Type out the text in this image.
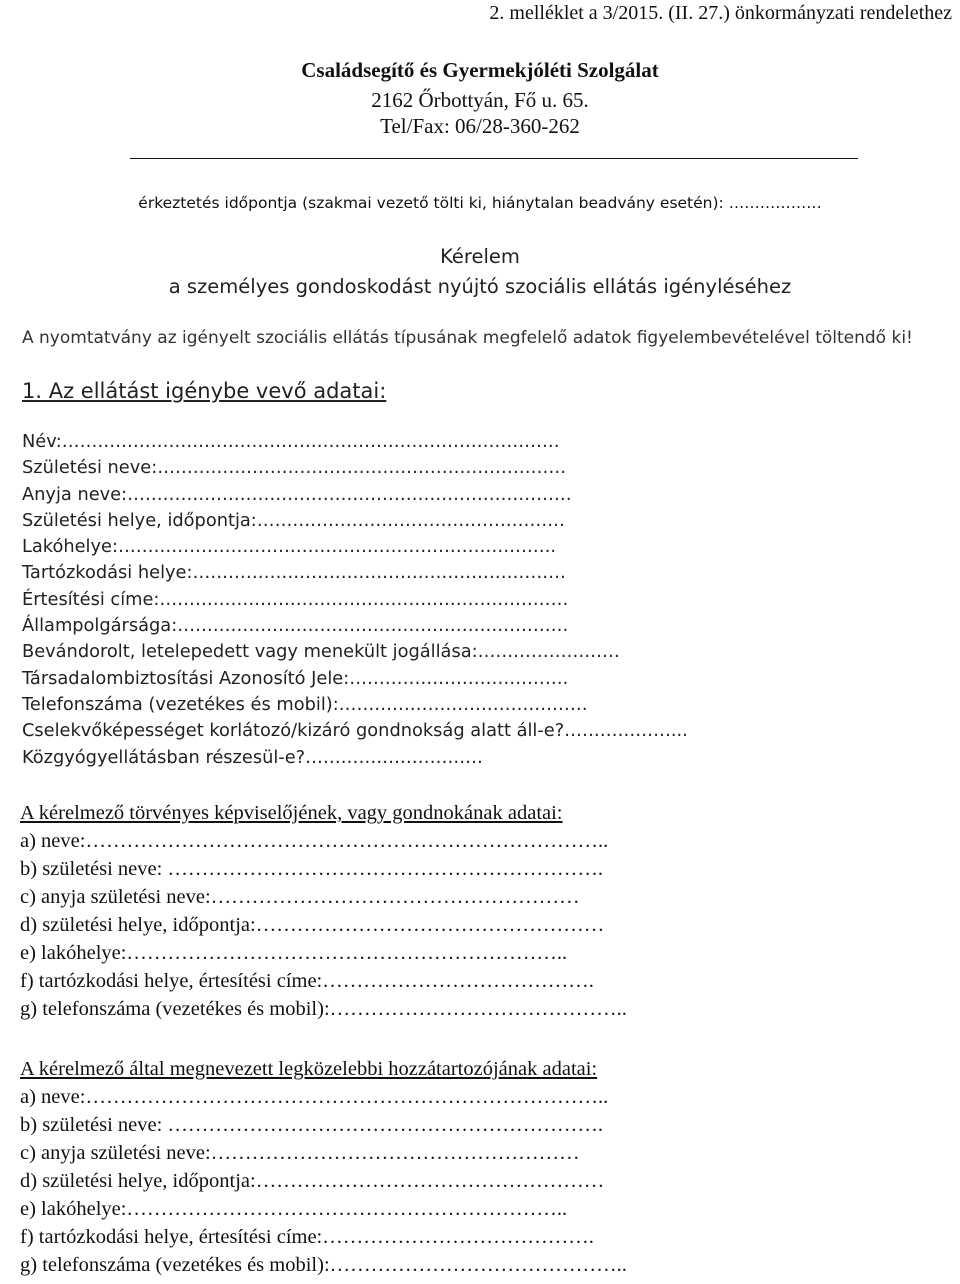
2. melléklet a 3/2015. (II. 27.) önkormányzati rendelethez
Családsegítő és Gyermekjóléti Szolgálat
2162 Őrbottyán, Fő u. 65.
Tel/Fax: 06/28-360-262
érkeztetés időpontja (szakmai vezető tölti ki, hiánytalan beadvány esetén): ………………
Kérelem
a személyes gondoskodást nyújtó szociális ellátás igényléséhez
A nyomtatvány az igényelt szociális ellátás típusának megfelelő adatok figyelembevételével töltendő ki!
1. Az ellátást igénybe vevő adatai:
Név:…………………………………………………………………………
Születési neve:……………………………………………………………
Anyja neve:…………………………………………………………………
Születési helye, időpontja:…………………………………………….
Lakóhelye:………………………………………………………………..
Tartózkodási helye:………………………………………………………
Értesítési címe:……………………………………………………………
Állampolgársága:…………………………………………………………
Bevándorolt, letelepedett vagy menekült jogállása:……………………
Társadalombiztosítási Azonosító Jele:……………………………….
Telefonszáma (vezetékes és mobil):……………………………………
Cselekvőképességet korlátozó/kizáró gondnokság alatt áll-e?………………...
Közgyógyellátásban részesül-e?…………………………
A kérelmező törvényes képviselőjének, vagy gondnokának adatai:
a) neve:…………………………………………………………………..
b) születési neve: ……………………………………………………….
c) anyja születési neve:………………………………………………
d) születési helye, időpontja:……………………………………………
e) lakóhelye:………………………………………………………..
f) tartózkodási helye, értesítési címe:………………………………….
g) telefonszáma (vezetékes és mobil):……………………………………..
A kérelmező által megnevezett legközelebbi hozzátartozójának adatai:
a) neve:…………………………………………………………………..
b) születési neve: ……………………………………………………….
c) anyja születési neve:………………………………………………
d) születési helye, időpontja:……………………………………………
e) lakóhelye:………………………………………………………..
f) tartózkodási helye, értesítési címe:………………………………….
g) telefonszáma (vezetékes és mobil):……………………………………..
